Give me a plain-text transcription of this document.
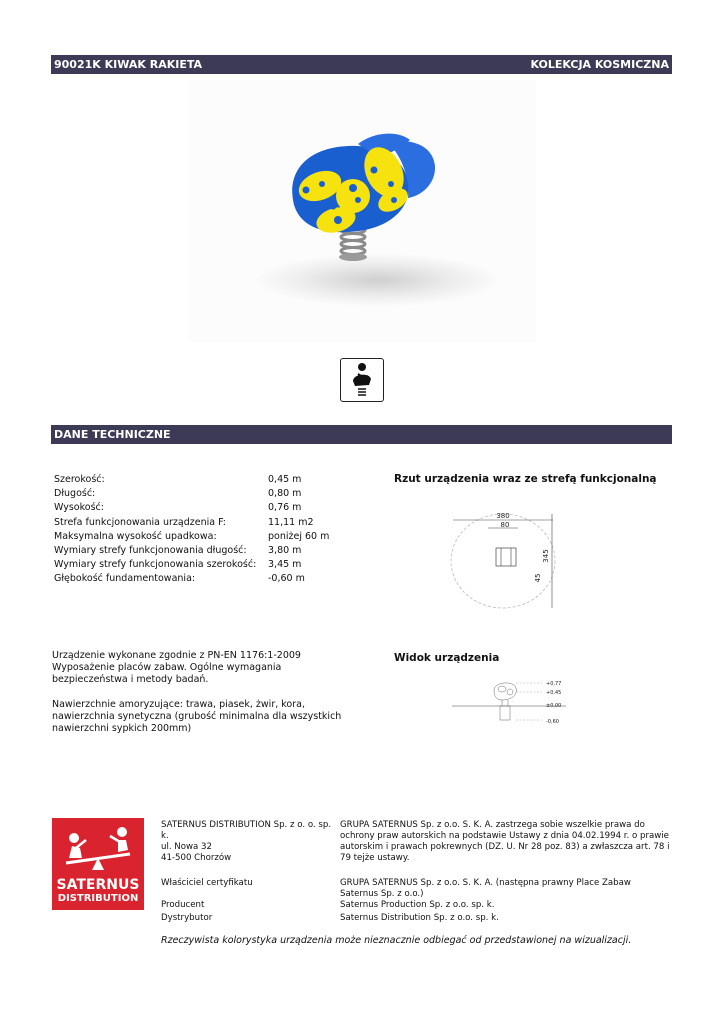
90021K KIWAK RAKIETA	KOLEKCJA KOSMICZNA
DANE TECHNICZNE
Szerokość:	0,45 m
Długość:	0,80 m
Wysokość:	0,76 m
Strefa funkcjonowania urządzenia F:	11,11 m2
Maksymalna wysokość upadkowa:	poniżej 60 m
Wymiary strefy funkcjonowania długość: 3,80 m
Wymiary strefy funkcjonowania szerokość: 3,45 m
Głębokość fundamentowania:	-0,60 m
Rzut urządzenia wraz ze strefą funkcjonalną
380
80
345
45
Urządzenie wykonane zgodnie z PN-EN 1176:1-2009
Wyposażenie placów zabaw. Ogólne wymagania bezpieczeństwa i metody badań.
Nawierzchnie amoryzujące: trawa, piasek, żwir, kora, nawierzchnia synetyczna (grubość minimalna dla wszystkich nawierzchni sypkich 200mm)
Widok urządzenia
+0,77
+0,45
±0,00
-0,60
SATERNUS
DISTRIBUTION
SATERNUS DISTRIBUTION Sp. z o. o. sp. k.
ul. Nowa 32
41-500 Chorzów
GRUPA SATERNUS Sp. z o.o. S. K. A. zastrzega sobie wszelkie prawa do ochrony praw autorskich na podstawie Ustawy z dnia 04.02.1994 r. o prawie autorskim i prawach pokrewnych (DZ. U. Nr 28 poz. 83) a zwłaszcza art. 78 i 79 tejże ustawy.
Właściciel certyfikatu	GRUPA SATERNUS Sp. z o.o. S. K. A. (następna prawny Place Zabaw Saternus Sp. z o.o.)
Producent	Saternus Production Sp. z o.o. sp. k.
Dystrybutor	Saternus Distribution Sp. z o.o. sp. k.
Rzeczywista kolorystyka urządzenia może nieznacznie odbiegać od przedstawionej na wizualizacji.
